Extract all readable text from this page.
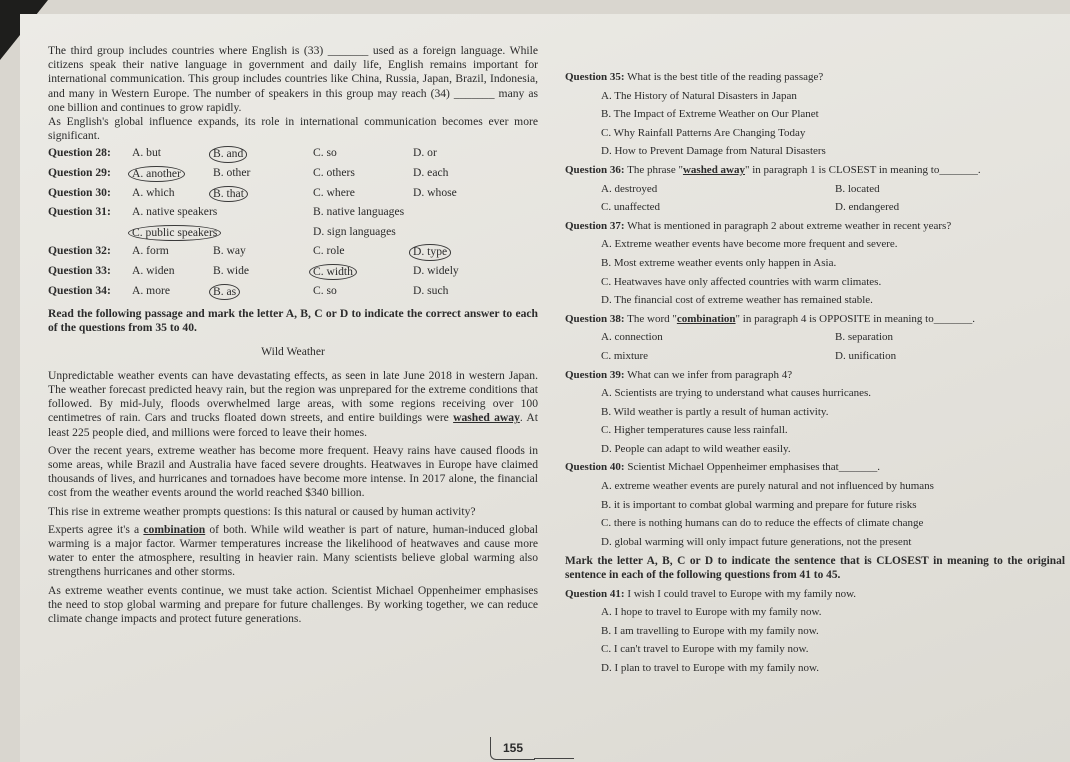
The third group includes countries where English is (33) _______ used as a foreign language. While citizens speak their native language in government and daily life, English remains important for international communication. This group includes countries like China, Russia, Japan, Brazil, Indonesia, and many in Western Europe. The number of speakers in this group may reach (34) _______ many as one billion and continues to grow rapidly.

As English's global influence expands, its role in international communication becomes ever more significant.

Question 28: A. but	B. and	C. so	D. or
Question 29:	A. another	B. other	C. others	D. each
Question 30: A. which	B. that	C. where	D. whose
Question 31: A. native speakers	B. native languages
C. public speakers	D. sign languages
Question 32: A. form	B. way	C. role	D. type
Question 33: A. widen	B. wide	C. width	D. widely
Question 34: A. more	B. as	C. so	D. such

Read the following passage and mark the letter A, B, C or D to indicate the correct answer to each of the questions from 35 to 40.

Wild Weather

Unpredictable weather events can have devastating effects, as seen in late June 2018 in western Japan. The weather forecast predicted heavy rain, but the region was unprepared for the extreme conditions that followed. By mid-July, floods overwhelmed large areas, with some regions receiving over 100 centimetres of rain. Cars and trucks floated down streets, and entire buildings were washed away. At least 225 people died, and millions were forced to leave their homes.

Over the recent years, extreme weather has become more frequent. Heavy rains have caused floods in some areas, while Brazil and Australia have faced severe droughts. Heatwaves in Europe have claimed thousands of lives, and hurricanes and tornadoes have become more intense. In 2017 alone, the financial cost from the weather events around the world reached $340 billion.

This rise in extreme weather prompts questions: Is this natural or caused by human activity?

Experts agree it's a combination of both. While wild weather is part of nature, human-induced global warming is a major factor. Warmer temperatures increase the likelihood of heatwaves and cause more water to enter the atmosphere, resulting in heavier rain. Many scientists believe global warming also strengthens hurricanes and other storms.

As extreme weather events continue, we must take action. Scientist Michael Oppenheimer emphasises the need to stop global warming and prepare for future challenges. By working together, we can reduce climate change impacts and protect future generations.

Question 35: What is the best title of the reading passage?
A. The History of Natural Disasters in Japan
B. The Impact of Extreme Weather on Our Planet
C. Why Rainfall Patterns Are Changing Today
D. How to Prevent Damage from Natural Disasters
Question 36: The phrase "washed away" in paragraph 1 is CLOSEST in meaning to_______.
A. destroyed	B. located
C. unaffected	D. endangered
Question 37: What is mentioned in paragraph 2 about extreme weather in recent years?
A. Extreme weather events have become more frequent and severe.
B. Most extreme weather events only happen in Asia.
C. Heatwaves have only affected countries with warm climates.
D. The financial cost of extreme weather has remained stable.
Question 38: The word "combination" in paragraph 4 is OPPOSITE in meaning to_______.
A. connection	B. separation
C. mixture	D. unification
Question 39: What can we infer from paragraph 4?
A. Scientists are trying to understand what causes hurricanes.
B. Wild weather is partly a result of human activity.
C. Higher temperatures cause less rainfall.
D. People can adapt to wild weather easily.
Question 40: Scientist Michael Oppenheimer emphasises that_______.
A. extreme weather events are purely natural and not influenced by humans
B. it is important to combat global warming and prepare for future risks
C. there is nothing humans can do to reduce the effects of climate change
D. global warming will only impact future generations, not the present

Mark the letter A, B, C or D to indicate the sentence that is CLOSEST in meaning to the original sentence in each of the following questions from 41 to 45.

Question 41: I wish I could travel to Europe with my family now.
A. I hope to travel to Europe with my family now.
B. I am travelling to Europe with my family now.
C. I can't travel to Europe with my family now.
D. I plan to travel to Europe with my family now.
155
